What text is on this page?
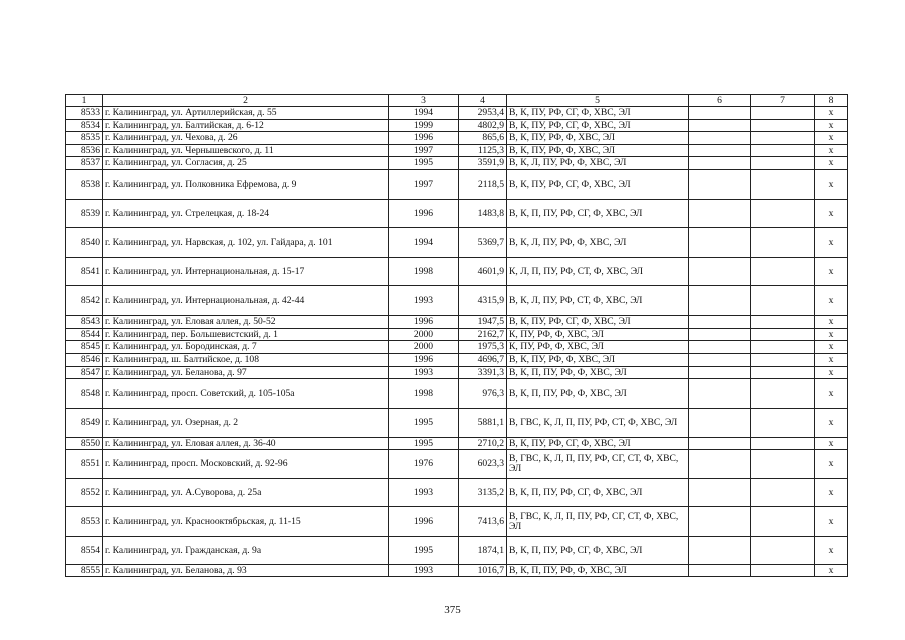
1	2	3	4	5	6	7	8
8533	г. Калининград, ул. Артиллерийская, д. 55	1994	2953,4	В, К, ПУ, РФ, СГ, Ф, ХВС, ЭЛ			х
8534	г. Калининград, ул. Балтийская, д. 6-12	1999	4802,9	В, К, ПУ, РФ, СГ, Ф, ХВС, ЭЛ			х
8535	г. Калининград, ул. Чехова, д. 26	1996	865,6	В, К, ПУ, РФ, Ф, ХВС, ЭЛ			х
8536	г. Калининград, ул. Чернышевского, д. 11	1997	1125,3	В, К, ПУ, РФ, Ф, ХВС, ЭЛ			х
8537	г. Калининград, ул. Согласия, д. 25	1995	3591,9	В, К, Л, ПУ, РФ, Ф, ХВС, ЭЛ			х
8538	г. Калининград, ул. Полковника Ефремова, д. 9	1997	2118,5	В, К, ПУ, РФ, СГ, Ф, ХВС, ЭЛ			х
8539	г. Калининград, ул. Стрелецкая, д. 18-24	1996	1483,8	В, К, П, ПУ, РФ, СГ, Ф, ХВС, ЭЛ			х
8540	г. Калининград, ул. Нарвская, д. 102, ул. Гайдара, д. 101	1994	5369,7	В, К, Л, ПУ, РФ, Ф, ХВС, ЭЛ			х
8541	г. Калининград, ул. Интернациональная, д. 15-17	1998	4601,9	К, Л, П, ПУ, РФ, СТ, Ф, ХВС, ЭЛ			х
8542	г. Калининград, ул. Интернациональная, д. 42-44	1993	4315,9	В, К, Л, ПУ, РФ, СТ, Ф, ХВС, ЭЛ			х
8543	г. Калининград, ул. Еловая аллея, д. 50-52	1996	1947,5	В, К, ПУ, РФ, СГ, Ф, ХВС, ЭЛ			х
8544	г. Калининград, пер. Большевистский, д. 1	2000	2162,7	К, ПУ, РФ, Ф, ХВС, ЭЛ			х
8545	г. Калининград, ул. Бородинская, д. 7	2000	1975,3	К, ПУ, РФ, Ф, ХВС, ЭЛ			х
8546	г. Калининград, ш. Балтийское, д. 108	1996	4696,7	В, К, ПУ, РФ, Ф, ХВС, ЭЛ			х
8547	г. Калининград, ул. Беланова, д. 97	1993	3391,3	В, К, П, ПУ, РФ, Ф, ХВС, ЭЛ			х
8548	г. Калининград, просп. Советский, д. 105-105а	1998	976,3	В, К, П, ПУ, РФ, Ф, ХВС, ЭЛ			х
8549	г. Калининград, ул. Озерная, д. 2	1995	5881,1	В, ГВС, К, Л, П, ПУ, РФ, СТ, Ф, ХВС, ЭЛ			х
8550	г. Калининград, ул. Еловая аллея, д. 36-40	1995	2710,2	В, К, ПУ, РФ, СГ, Ф, ХВС, ЭЛ			х
8551	г. Калининград, просп. Московский, д. 92-96	1976	6023,3	В, ГВС, К, Л, П, ПУ, РФ, СГ, СТ, Ф, ХВС, ЭЛ			х
8552	г. Калининград, ул. А.Суворова, д. 25а	1993	3135,2	В, К, П, ПУ, РФ, СГ, Ф, ХВС, ЭЛ			х
8553	г. Калининград, ул. Краснооктябрьская, д. 11-15	1996	7413,6	В, ГВС, К, Л, П, ПУ, РФ, СГ, СТ, Ф, ХВС, ЭЛ			х
8554	г. Калининград, ул. Гражданская, д. 9а	1995	1874,1	В, К, П, ПУ, РФ, СГ, Ф, ХВС, ЭЛ			х
8555	г. Калининград, ул. Беланова, д. 93	1993	1016,7	В, К, П, ПУ, РФ, Ф, ХВС, ЭЛ			х
375
